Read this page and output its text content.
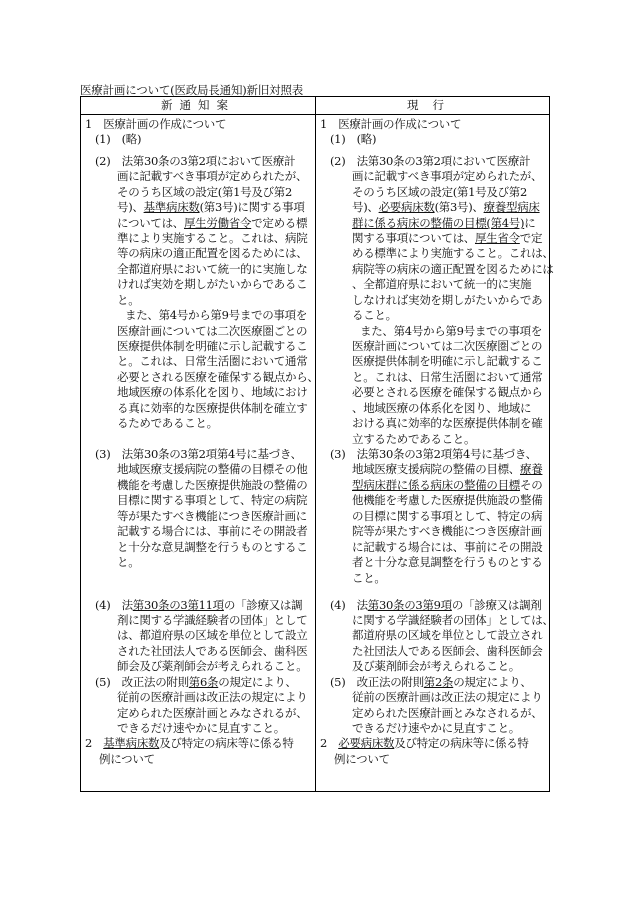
医療計画について(医政局長通知)新旧対照表
新通知案	現行
1　医療計画の作成について
(1)　(略)
(2)　法第30条の3第2項において医療計
画に記載すべき事項が定められたが、
そのうち区域の設定(第1号及び第2
号)、基準病床数(第3号)に関する事項
については、厚生労働省令で定める標
準により実施すること。これは、病院
等の病床の適正配置を図るためには、
全都道府県において統一的に実施しな
ければ実効を期しがたいからであるこ
と。
また、第4号から第9号までの事項を
医療計画については二次医療圏ごとの
医療提供体制を明確に示し記載するこ
と。これは、日常生活圏において通常
必要とされる医療を確保する観点から、
地域医療の体系化を図り、地域におけ
る真に効率的な医療提供体制を確立す
るためであること。
(3)　法第30条の3第2項第4号に基づき、
地域医療支援病院の整備の目標その他
機能を考慮した医療提供施設の整備の
目標に関する事項として、特定の病院
等が果たすべき機能につき医療計画に
記載する場合には、事前にその開設者
と十分な意見調整を行うものとするこ
と。
(4)　法第30条の3第11項の「診療又は調
剤に関する学識経験者の団体」として
は、都道府県の区域を単位として設立
された社団法人である医師会、歯科医
師会及び薬剤師会が考えられること。
(5)　改正法の附則第6条の規定により、
従前の医療計画は改正法の規定により
定められた医療計画とみなされるが、
できるだけ速やかに見直すこと。
2　基準病床数及び特定の病床等に係る特
例について
1　医療計画の作成について
(1)　(略)
(2)　法第30条の3第2項において医療計
画に記載すべき事項が定められたが、
そのうち区域の設定(第1号及び第2
号)、必要病床数(第3号)、療養型病床
群に係る病床の整備の目標(第4号)に
関する事項については、厚生省令で定
める標準により実施すること。これは、
病院等の病床の適正配置を図るためには
、全都道府県において統一的に実施
しなければ実効を期しがたいからであ
ること。
また、第4号から第9号までの事項を
医療計画については二次医療圏ごとの
医療提供体制を明確に示し記載するこ
と。これは、日常生活圏において通常
必要とされる医療を確保する観点から
、地域医療の体系化を図り、地域に
おける真に効率的な医療提供体制を確
立するためであること。
(3)　法第30条の3第2項第4号に基づき、
地域医療支援病院の整備の目標、療養
型病床群に係る病床の整備の目標その
他機能を考慮した医療提供施設の整備
の目標に関する事項として、特定の病
院等が果たすべき機能につき医療計画
に記載する場合には、事前にその開設
者と十分な意見調整を行うものとする
こと。
(4)　法第30条の3第9項の「診療又は調剤
に関する学識経験者の団体」としては、
都道府県の区域を単位として設立され
た社団法人である医師会、歯科医師会
及び薬剤師会が考えられること。
(5)　改正法の附則第2条の規定により、
従前の医療計画は改正法の規定により
定められた医療計画とみなされるが、
できるだけ速やかに見直すこと。
2　必要病床数及び特定の病床等に係る特
例について
